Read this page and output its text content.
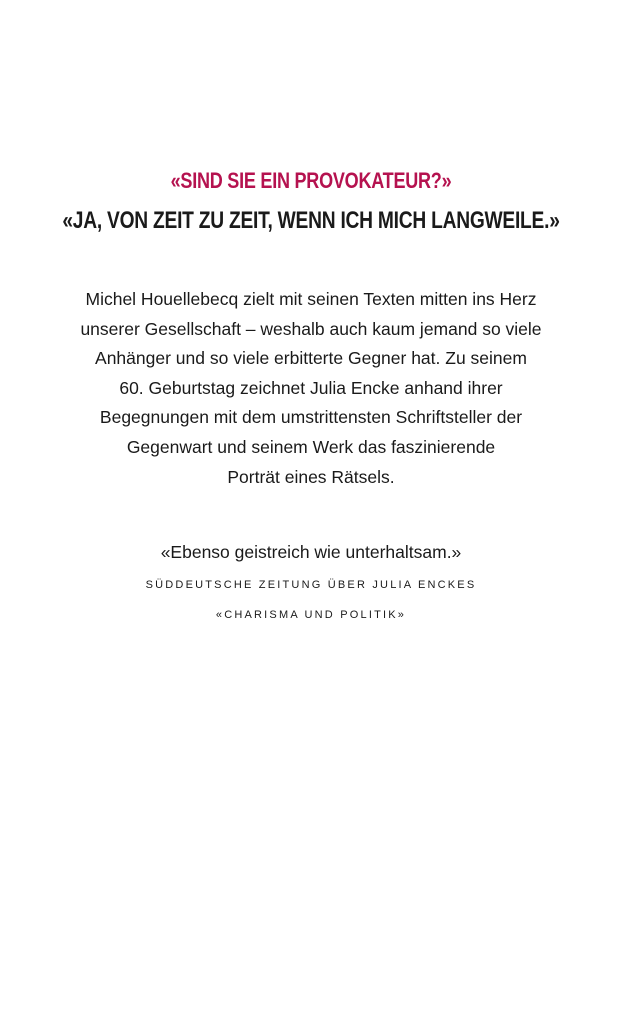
«SIND SIE EIN PROVOKATEUR?»

«JA, VON ZEIT ZU ZEIT, WENN ICH MICH LANGWEILE.»

Michel Houellebecq zielt mit seinen Texten mitten ins Herz
unserer Gesellschaft – weshalb auch kaum jemand so viele
Anhänger und so viele erbitterte Gegner hat. Zu seinem
60. Geburtstag zeichnet Julia Encke anhand ihrer
Begegnungen mit dem umstrittensten Schriftsteller der
Gegenwart und seinem Werk das faszinierende
Porträt eines Rätsels.

«Ebenso geistreich wie unterhaltsam.»

SÜDDEUTSCHE ZEITUNG ÜBER JULIA ENCKES

«CHARISMA UND POLITIK»
